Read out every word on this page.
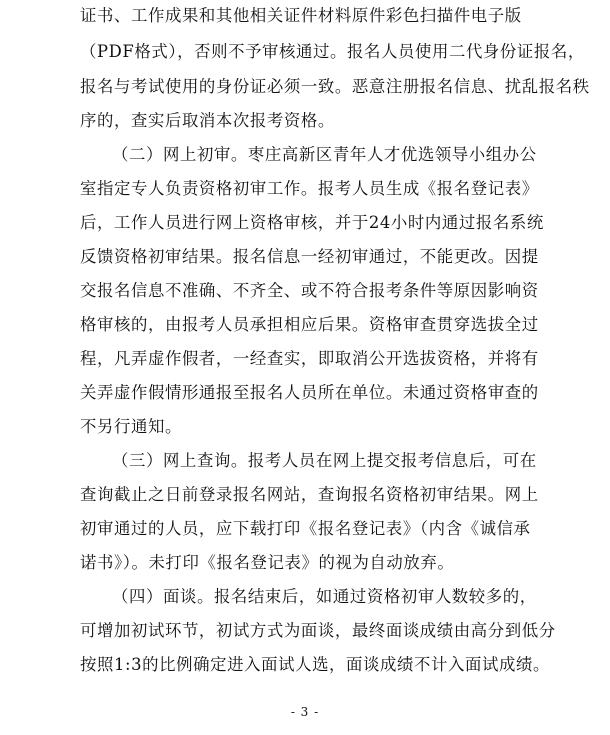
证书、工作成果和其他相关证件材料原件彩色扫描件电子版
（PDF格式），否则不予审核通过。报名人员使用二代身份证报名，
报名与考试使用的身份证必须一致。恶意注册报名信息、扰乱报名秩
序的，查实后取消本次报考资格。
（二）网上初审。枣庄高新区青年人才优选领导小组办公
室指定专人负责资格初审工作。报考人员生成《报名登记表》
后，工作人员进行网上资格审核，并于24小时内通过报名系统
反馈资格初审结果。报名信息一经初审通过，不能更改。因提
交报名信息不准确、不齐全、或不符合报考条件等原因影响资
格审核的，由报考人员承担相应后果。资格审查贯穿选拔全过
程，凡弄虚作假者，一经查实，即取消公开选拔资格，并将有
关弄虚作假情形通报至报名人员所在单位。未通过资格审查的
不另行通知。
（三）网上查询。报考人员在网上提交报考信息后，可在
查询截止之日前登录报名网站，查询报名资格初审结果。网上
初审通过的人员，应下载打印《报名登记表》（内含《诚信承
诺书》）。未打印《报名登记表》的视为自动放弃。
（四）面谈。报名结束后，如通过资格初审人数较多的，
可增加初试环节，初试方式为面谈，最终面谈成绩由高分到低分
按照1:3的比例确定进入面试人选，面谈成绩不计入面试成绩。
- 3 -
